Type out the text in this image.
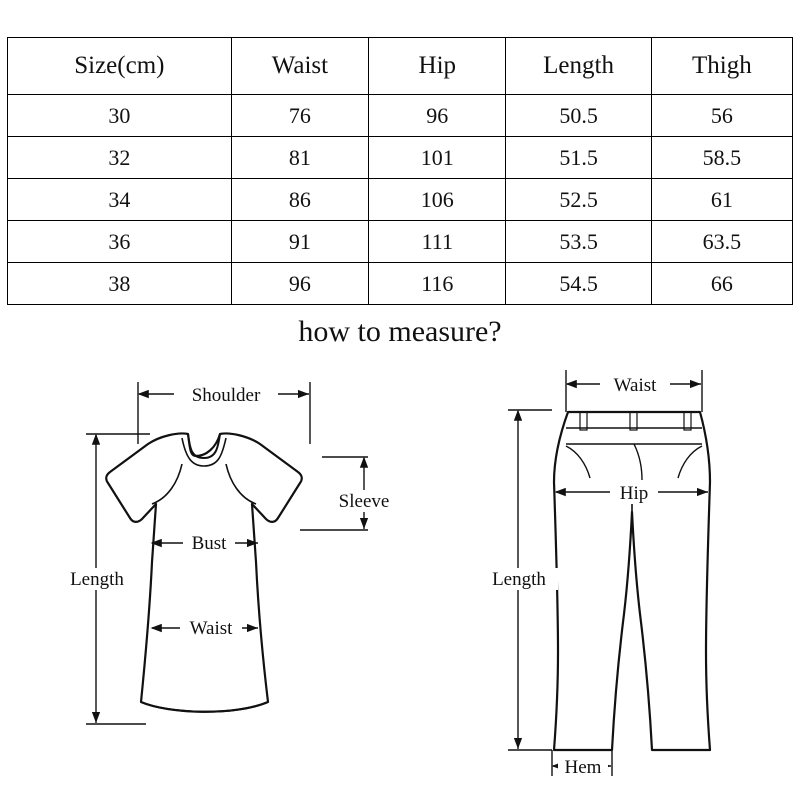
Size(cm)	Waist	Hip	Length	Thigh
30	76	96	50.5	56
32	81	101	51.5	58.5
34	86	106	52.5	61
36	91	111	53.5	63.5
38	96	116	54.5	66
how to measure?
Shoulder
Sleeve
Bust
Waist
Length
Waist
Hip
Length
Hem
